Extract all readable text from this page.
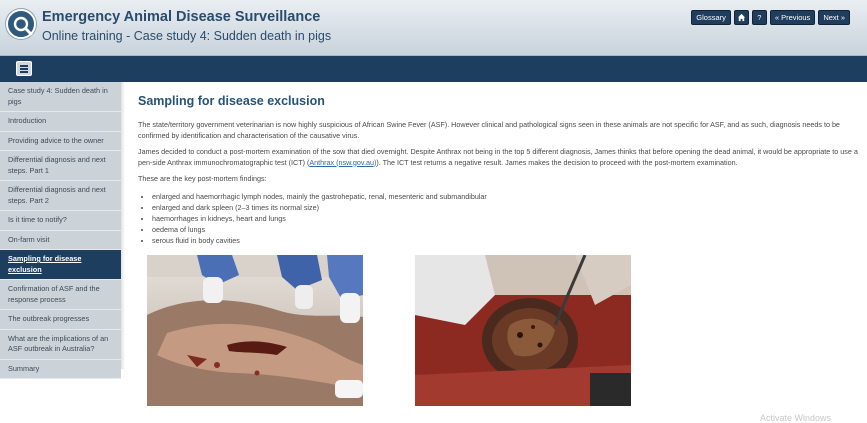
Emergency Animal Disease Surveillance
Online training - Case study 4: Sudden death in pigs
Glossary	?	« Previous	Next »
Case study 4: Sudden death in pigs
Introduction
Providing advice to the owner
Differential diagnosis and next steps. Part 1
Differential diagnosis and next steps. Part 2
Is it time to notify?
On-farm visit
Sampling for disease exclusion
Confirmation of ASF and the response process
The outbreak progresses
What are the implications of an ASF outbreak in Australia?
Summary
Sampling for disease exclusion

The state/territory government veterinarian is now highly suspicious of African Swine Fever (ASF). However clinical and pathological signs seen in these animals are not specific for ASF, and as such, diagnosis needs to be confirmed by identification and characterisation of the causative virus.

James decided to conduct a post-mortem examination of the sow that died overnight. Despite Anthrax not being in the top 5 different diagnosis, James thinks that before opening the dead animal, it would be appropriate to use a pen-side Anthrax immunochromatographic test (ICT) (Anthrax (nsw.gov.au)). The ICT test returns a negative result. James makes the decision to proceed with the post-mortem examination.

These are the key post-mortem findings:

• enlarged and haemorrhagic lymph nodes, mainly the gastrohepatic, renal, mesenteric and submandibular
• enlarged and dark spleen (2–3 times its normal size)
• haemorrhages in kidneys, heart and lungs
• oedema of lungs
• serous fluid in body cavities
Activate Windows
